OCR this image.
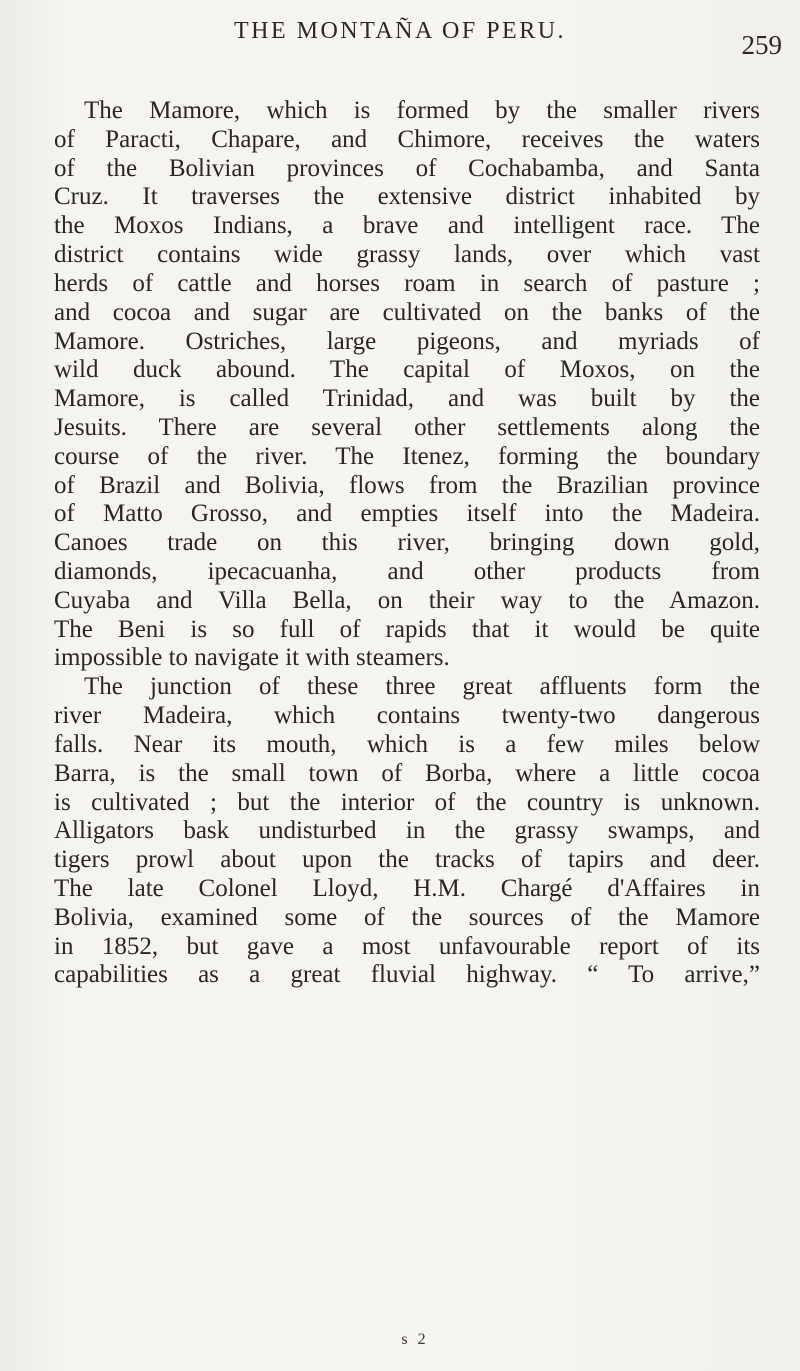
THE MONTAÑA OF PERU.	259
The Mamore, which is formed by the smaller rivers
of Paracti, Chapare, and Chimore, receives the waters
of the Bolivian provinces of Cochabamba, and Santa
Cruz. It traverses the extensive district inhabited by
the Moxos Indians, a brave and intelligent race. The
district contains wide grassy lands, over which vast
herds of cattle and horses roam in search of pasture ;
and cocoa and sugar are cultivated on the banks of the
Mamore. Ostriches, large pigeons, and myriads of
wild duck abound. The capital of Moxos, on the
Mamore, is called Trinidad, and was built by the
Jesuits. There are several other settlements along the
course of the river. The Itenez, forming the boundary
of Brazil and Bolivia, flows from the Brazilian province
of Matto Grosso, and empties itself into the Madeira.
Canoes trade on this river, bringing down gold,
diamonds, ipecacuanha, and other products from
Cuyaba and Villa Bella, on their way to the Amazon.
The Beni is so full of rapids that it would be quite
impossible to navigate it with steamers.
The junction of these three great affluents form the
river Madeira, which contains twenty-two dangerous
falls. Near its mouth, which is a few miles below
Barra, is the small town of Borba, where a little cocoa
is cultivated ; but the interior of the country is unknown.
Alligators bask undisturbed in the grassy swamps, and
tigers prowl about upon the tracks of tapirs and deer.
The late Colonel Lloyd, H.M. Chargé d'Affaires in
Bolivia, examined some of the sources of the Mamore
in 1852, but gave a most unfavourable report of its
capabilities as a great fluvial highway. “ To arrive,”
s 2
